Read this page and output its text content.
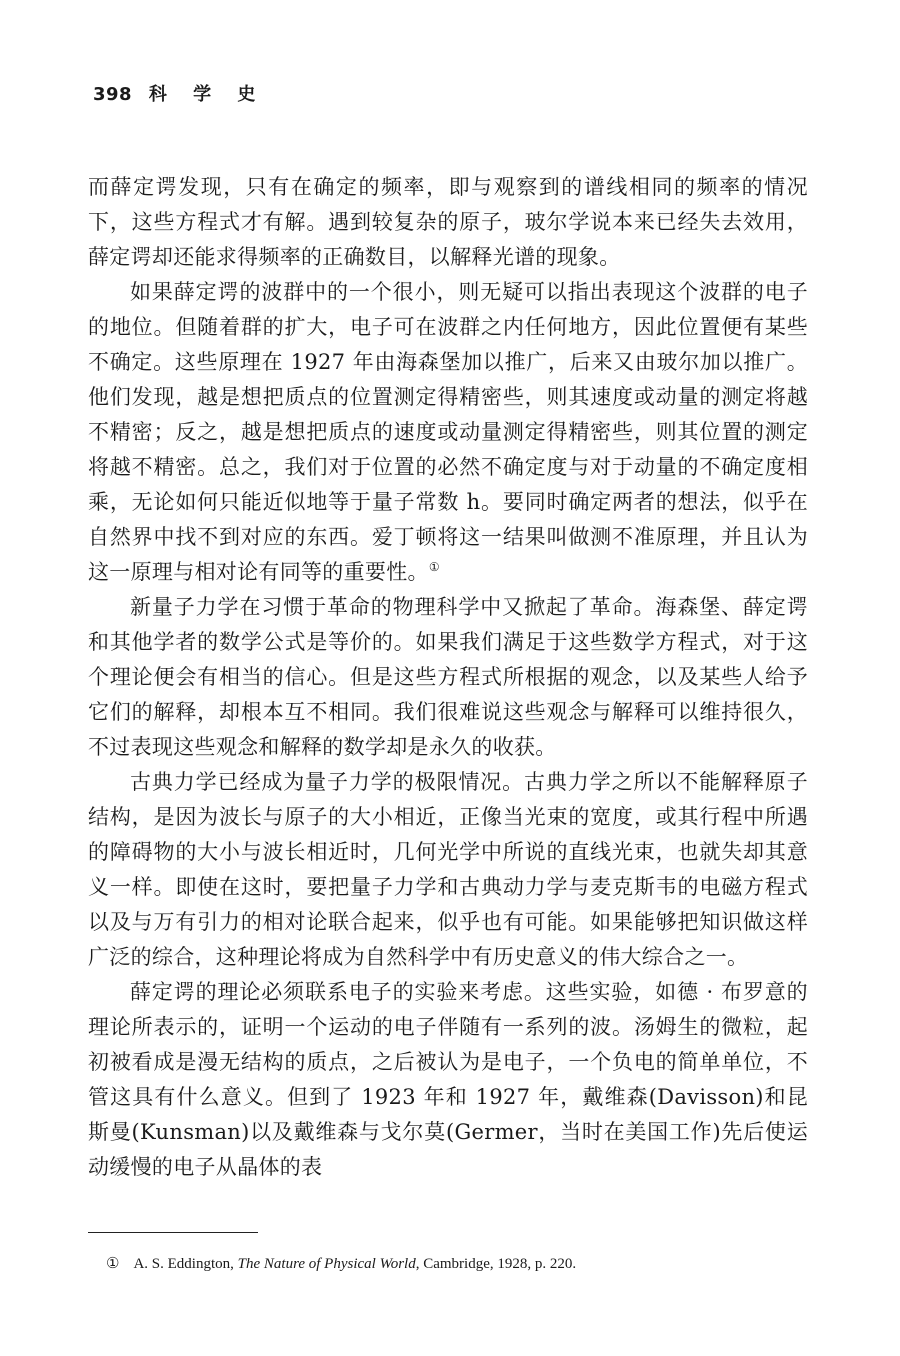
398 科 学 史

而薛定谔发现，只有在确定的频率，即与观察到的谱线相同的频率的情况下，这些方程式才有解。遇到较复杂的原子，玻尔学说本来已经失去效用，薛定谔却还能求得频率的正确数目，以解释光谱的现象。

如果薛定谔的波群中的一个很小，则无疑可以指出表现这个波群的电子的地位。但随着群的扩大，电子可在波群之内任何地方，因此位置便有某些不确定。这些原理在 1927 年由海森堡加以推广，后来又由玻尔加以推广。他们发现，越是想把质点的位置测定得精密些，则其速度或动量的测定将越不精密；反之，越是想把质点的速度或动量测定得精密些，则其位置的测定将越不精密。总之，我们对于位置的必然不确定度与对于动量的不确定度相乘，无论如何只能近似地等于量子常数 h。要同时确定两者的想法，似乎在自然界中找不到对应的东西。爱丁顿将这一结果叫做测不准原理，并且认为这一原理与相对论有同等的重要性。①

新量子力学在习惯于革命的物理科学中又掀起了革命。海森堡、薛定谔和其他学者的数学公式是等价的。如果我们满足于这些数学方程式，对于这个理论便会有相当的信心。但是这些方程式所根据的观念，以及某些人给予它们的解释，却根本互不相同。我们很难说这些观念与解释可以维持很久，不过表现这些观念和解释的数学却是永久的收获。

古典力学已经成为量子力学的极限情况。古典力学之所以不能解释原子结构，是因为波长与原子的大小相近，正像当光束的宽度，或其行程中所遇的障碍物的大小与波长相近时，几何光学中所说的直线光束，也就失却其意义一样。即使在这时，要把量子力学和古典动力学与麦克斯韦的电磁方程式以及与万有引力的相对论联合起来，似乎也有可能。如果能够把知识做这样广泛的综合，这种理论将成为自然科学中有历史意义的伟大综合之一。

薛定谔的理论必须联系电子的实验来考虑。这些实验，如德 · 布罗意的理论所表示的，证明一个运动的电子伴随有一系列的波。汤姆生的微粒，起初被看成是漫无结构的质点，之后被认为是电子，一个负电的简单单位，不管这具有什么意义。但到了 1923 年和 1927 年，戴维森(Davisson)和昆斯曼(Kunsman)以及戴维森与戈尔莫(Germer，当时在美国工作)先后使运动缓慢的电子从晶体的表

① A. S. Eddington, The Nature of Physical World, Cambridge, 1928, p. 220.
